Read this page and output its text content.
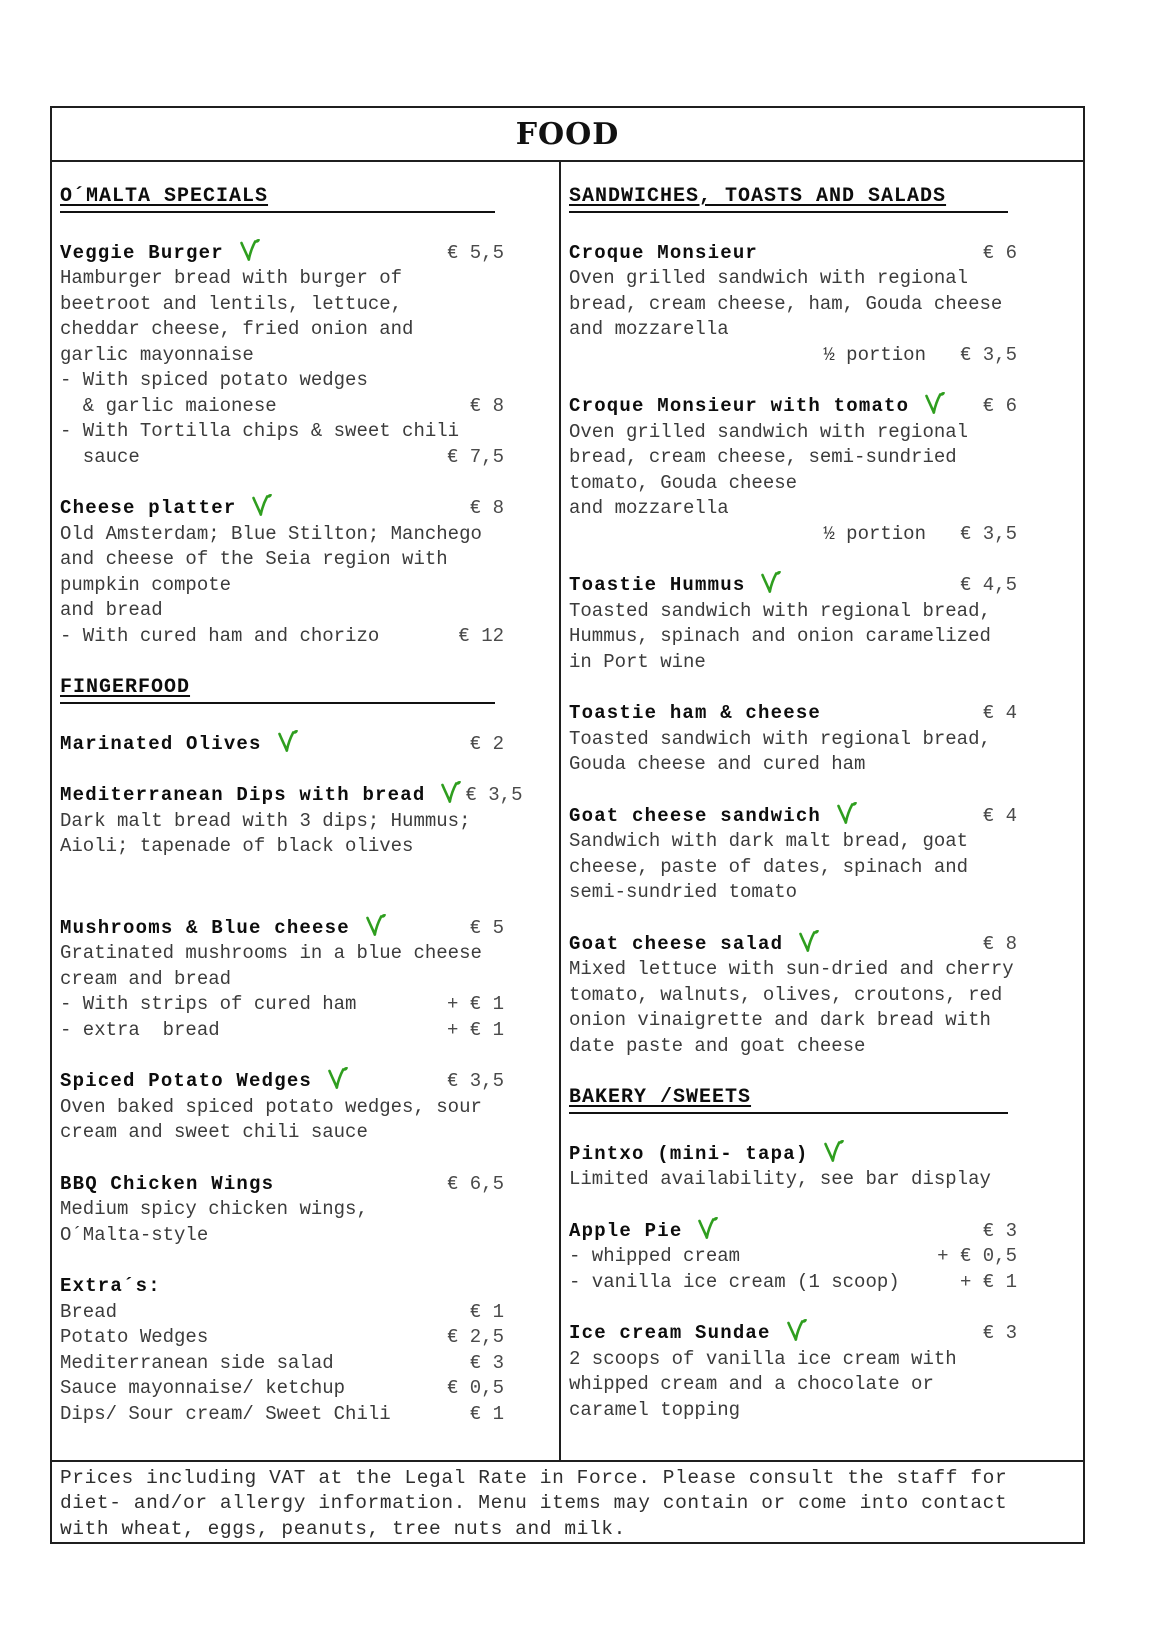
FOOD
O´MALTA SPECIALS
Veggie Burger	€ 5,5
Hamburger bread with burger of
beetroot and lentils, lettuce,
cheddar cheese, fried onion and
garlic mayonnaise
- With spiced potato wedges
& garlic maionese	€ 8
- With Tortilla chips & sweet chili
sauce	€ 7,5
Cheese platter	€ 8
Old Amsterdam; Blue Stilton; Manchego
and cheese of the Seia region with
pumpkin compote
and bread
- With cured ham and chorizo	€ 12
FINGERFOOD
Marinated Olives	€ 2
Mediterranean Dips with bread € 3,5
Dark malt bread with 3 dips; Hummus;
Aioli; tapenade of black olives
Mushrooms & Blue cheese	€ 5
Gratinated mushrooms in a blue cheese
cream and bread
- With strips of cured ham	+ € 1
- extra  bread	+ € 1
Spiced Potato Wedges	€ 3,5
Oven baked spiced potato wedges, sour
cream and sweet chili sauce
BBQ Chicken Wings	€ 6,5
Medium spicy chicken wings,
O´Malta-style
Extra´s:
Bread	€ 1
Potato Wedges	€ 2,5
Mediterranean side salad	€ 3
Sauce mayonnaise/ ketchup	€ 0,5
Dips/ Sour cream/ Sweet Chili	€ 1
SANDWICHES, TOASTS AND SALADS
Croque Monsieur	€ 6
Oven grilled sandwich with regional
bread, cream cheese, ham, Gouda cheese
and mozzarella
½ portion € 3,5
Croque Monsieur with tomato	€ 6
Oven grilled sandwich with regional
bread, cream cheese, semi-sundried
tomato, Gouda cheese
and mozzarella
½ portion € 3,5
Toastie Hummus	€ 4,5
Toasted sandwich with regional bread,
Hummus, spinach and onion caramelized
in Port wine
Toastie ham & cheese	€ 4
Toasted sandwich with regional bread,
Gouda cheese and cured ham
Goat cheese sandwich	€ 4
Sandwich with dark malt bread, goat
cheese, paste of dates, spinach and
semi-sundried tomato
Goat cheese salad	€ 8
Mixed lettuce with sun-dried and cherry
tomato, walnuts, olives, croutons, red
onion vinaigrette and dark bread with
date paste and goat cheese
BAKERY /SWEETS
Pintxo (mini- tapa)
Limited availability, see bar display
Apple Pie	€ 3
- whipped cream	+ € 0,5
- vanilla ice cream (1 scoop)	+ € 1
Ice cream Sundae	€ 3
2 scoops of vanilla ice cream with
whipped cream and a chocolate or
caramel topping
Prices including VAT at the Legal Rate in Force. Please consult the staff for
diet- and/or allergy information. Menu items may contain or come into contact
with wheat, eggs, peanuts, tree nuts and milk.
